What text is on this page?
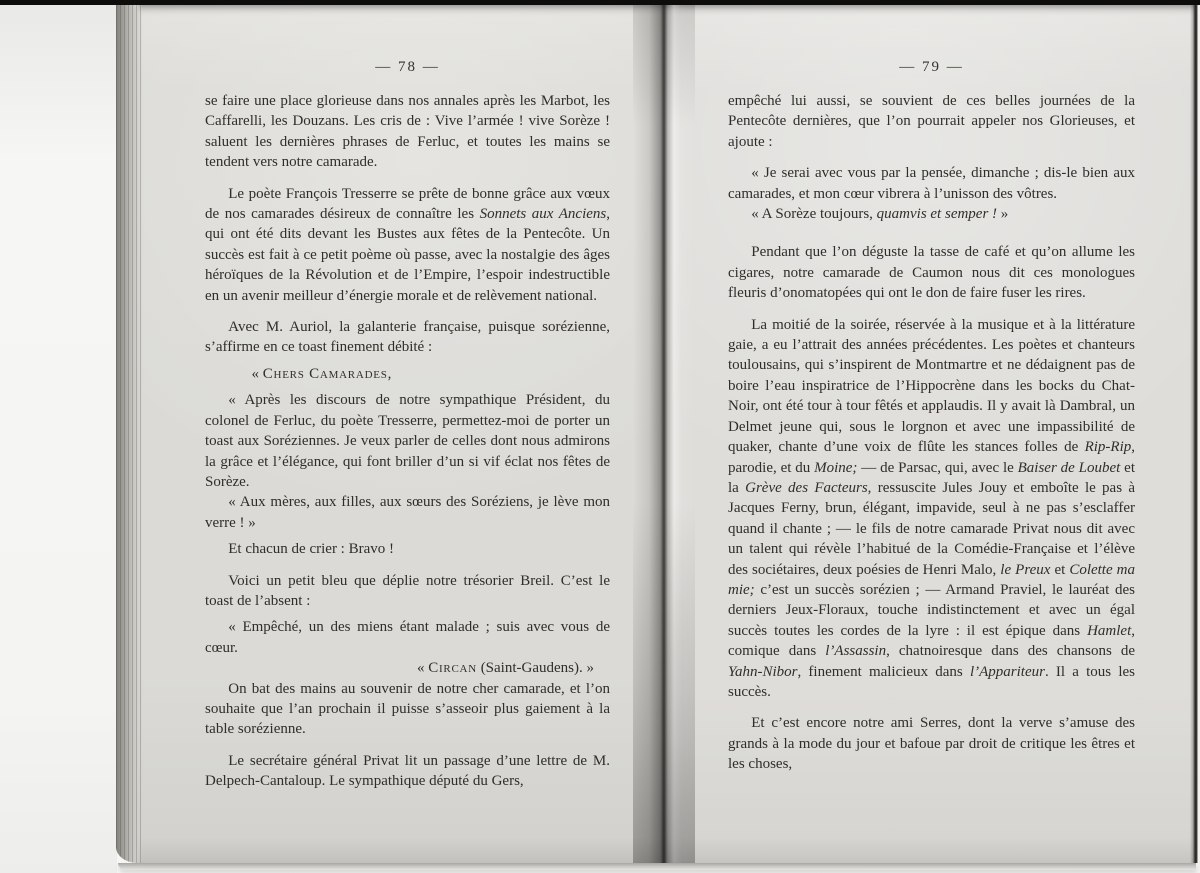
— 78 —

se faire une place glorieuse dans nos annales après les Marbot, les Caffarelli, les Douzans. Les cris de : Vive l’armée ! vive Sorèze ! saluent les dernières phrases de Ferluc, et toutes les mains se tendent vers notre camarade.

Le poète François Tresserre se prête de bonne grâce aux vœux de nos camarades désireux de connaître les Sonnets aux Anciens, qui ont été dits devant les Bustes aux fêtes de la Pentecôte. Un succès est fait à ce petit poème où passe, avec la nostalgie des âges héroïques de la Révolution et de l’Empire, l’espoir indestructible en un avenir meilleur d’énergie morale et de relèvement national.

Avec M. Auriol, la galanterie française, puisque sorézienne, s’affirme en ce toast finement débité :

« Chers Camarades,

« Après les discours de notre sympathique Président, du colonel de Ferluc, du poète Tresserre, permettez-moi de porter un toast aux Soréziennes. Je veux parler de celles dont nous admirons la grâce et l’élégance, qui font briller d’un si vif éclat nos fêtes de Sorèze.

« Aux mères, aux filles, aux sœurs des Soréziens, je lève mon verre ! »

Et chacun de crier : Bravo !

Voici un petit bleu que déplie notre trésorier Breil. C’est le toast de l’absent :

« Empêché, un des miens étant malade ; suis avec vous de cœur.

« Circan (Saint-Gaudens). »

On bat des mains au souvenir de notre cher camarade, et l’on souhaite que l’an prochain il puisse s’asseoir plus gaiement à la table sorézienne.

Le secrétaire général Privat lit un passage d’une lettre de M. Delpech-Cantaloup. Le sympathique député du Gers,

— 79 —

empêché lui aussi, se souvient de ces belles journées de la Pentecôte dernières, que l’on pourrait appeler nos Glorieuses, et ajoute :

« Je serai avec vous par la pensée, dimanche ; dis-le bien aux camarades, et mon cœur vibrera à l’unisson des vôtres.

« A Sorèze toujours, quamvis et semper ! »

Pendant que l’on déguste la tasse de café et qu’on allume les cigares, notre camarade de Caumon nous dit ces monologues fleuris d’onomatopées qui ont le don de faire fuser les rires.

La moitié de la soirée, réservée à la musique et à la littérature gaie, a eu l’attrait des années précédentes. Les poètes et chanteurs toulousains, qui s’inspirent de Montmartre et ne dédaignent pas de boire l’eau inspiratrice de l’Hippocrène dans les bocks du Chat-Noir, ont été tour à tour fêtés et applaudis. Il y avait là Dambral, un Delmet jeune qui, sous le lorgnon et avec une impassibilité de quaker, chante d’une voix de flûte les stances folles de Rip-Rip, parodie, et du Moine; — de Parsac, qui, avec le Baiser de Loubet et la Grève des Facteurs, ressuscite Jules Jouy et emboîte le pas à Jacques Ferny, brun, élégant, impavide, seul à ne pas s’esclaffer quand il chante ; — le fils de notre camarade Privat nous dit avec un talent qui révèle l’habitué de la Comédie-Française et l’élève des sociétaires, deux poésies de Henri Malo, le Preux et Colette ma mie; c’est un succès sorézien ; — Armand Praviel, le lauréat des derniers Jeux-Floraux, touche indistinctement et avec un égal succès toutes les cordes de la lyre : il est épique dans Hamlet, comique dans l’Assassin, chatnoiresque dans des chansons de Yahn-Nibor, finement malicieux dans l’Appariteur. Il a tous les succès.

Et c’est encore notre ami Serres, dont la verve s’amuse des grands à la mode du jour et bafoue par droit de critique les êtres et les choses,
